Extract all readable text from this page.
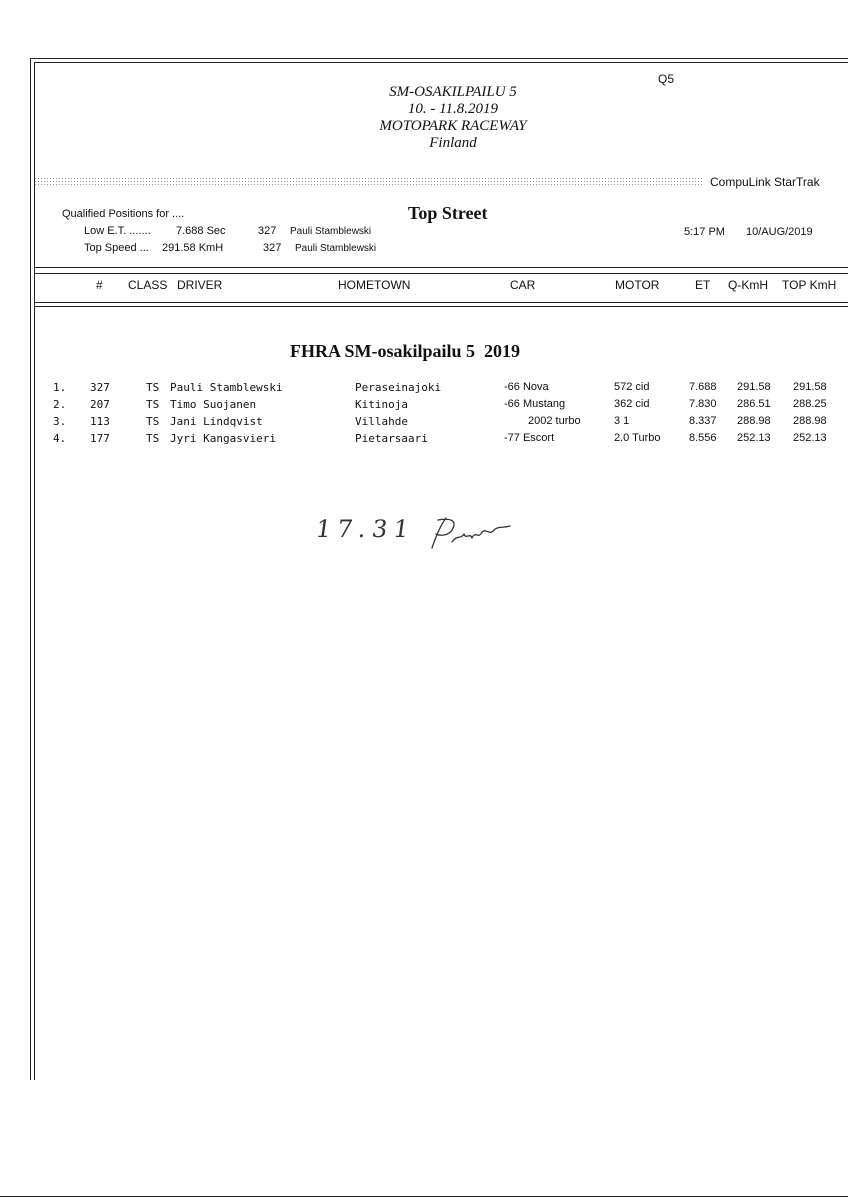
Q5
SM-OSAKILPAILU 5
10. - 11.8.2019
MOTOPARK RACEWAY
Finland
CompuLink StarTrak
Qualified Positions for ....
Low E.T. ....... 7.688 Sec	327 Pauli Stamblewski
Top Speed ... 291.58 KmH	327 Pauli Stamblewski
Top Street
5:17 PM 10/AUG/2019
# CLASS DRIVER	HOMETOWN	CAR	MOTOR	ET Q-KmH TOP KmH
FHRA SM-osakilpailu 5  2019
1. 327	TS Pauli Stamblewski	Peraseinajoki	-66 Nova	572 cid	7.688 291.58 291.58
2. 207	TS Timo Suojanen	Kitinoja	-66 Mustang	362 cid	7.830 286.51 288.25
3. 113	TS Jani Lindqvist	Villahde	2002 turbo	3 1	8.337 288.98 288.98
4. 177	TS Jyri Kangasvieri	Pietarsaari	-77 Escort	2.0 Turbo	8.556 252.13 252.13
17.31
